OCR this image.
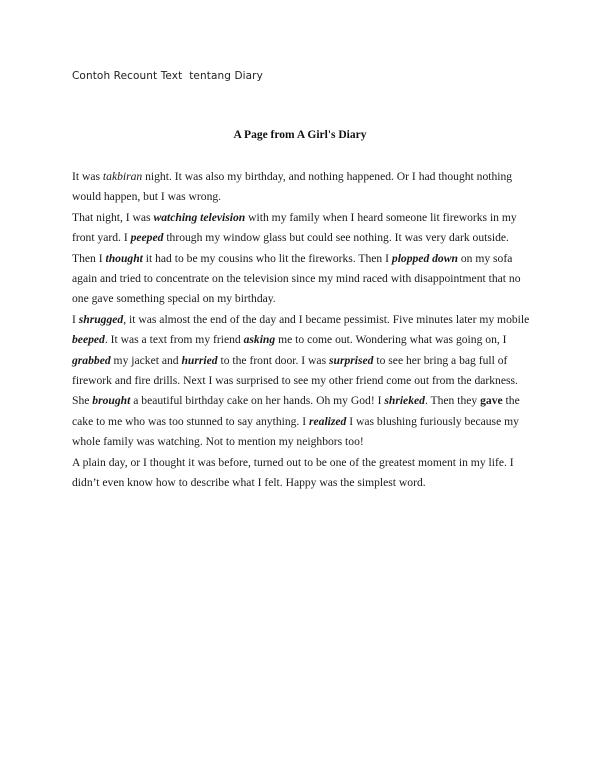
Contoh Recount Text  tentang Diary
A Page from A Girl's Diary

It was takbiran night. It was also my birthday, and nothing happened. Or I had thought nothing would happen, but I was wrong.

That night, I was watching television with my family when I heard someone lit fireworks in my front yard. I peeped through my window glass but could see nothing. It was very dark outside. Then I thought it had to be my cousins who lit the fireworks. Then I plopped down on my sofa again and tried to concentrate on the television since my mind raced with disappointment that no one gave something special on my birthday.

I shrugged, it was almost the end of the day and I became pessimist. Five minutes later my mobile beeped. It was a text from my friend asking me to come out. Wondering what was going on, I grabbed my jacket and hurried to the front door. I was surprised to see her bring a bag full of firework and fire drills. Next I was surprised to see my other friend come out from the darkness. She brought a beautiful birthday cake on her hands. Oh my God! I shrieked. Then they gave the cake to me who was too stunned to say anything. I realized I was blushing furiously because my whole family was watching. Not to mention my neighbors too!

A plain day, or I thought it was before, turned out to be one of the greatest moment in my life. I didn’t even know how to describe what I felt. Happy was the simplest word.
